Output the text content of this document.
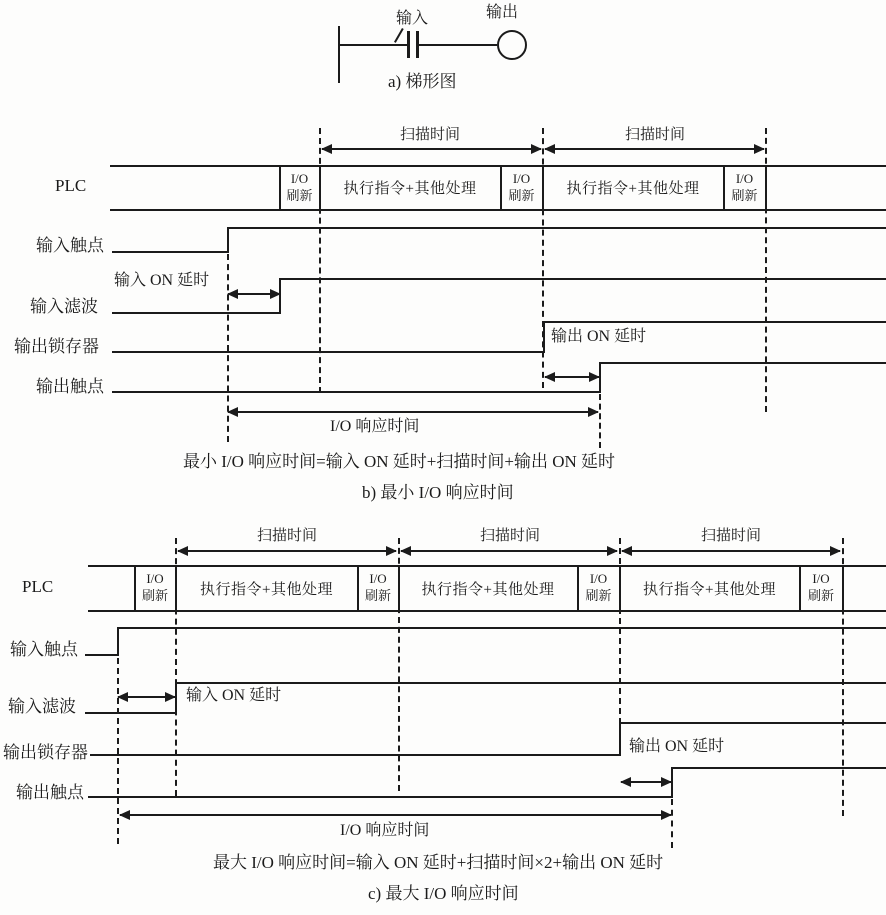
输入	输出
a) 梯形图
扫描时间	扫描时间
PLC	I/O
刷新	执行指令+其他处理
I/O
刷新	执行指令+其他处理
I/O
刷新
输入触点
输入 ON 延时
输入滤波
输出锁存器
输出 ON 延时
输出触点
I/O 响应时间
最小 I/O 响应时间=输入 ON 延时+扫描时间+输出 ON 延时
b) 最小 I/O 响应时间
扫描时间	扫描时间	扫描时间
PLC	I/O
刷新	执行指令+其他处理
I/O
刷新	执行指令+其他处理
I/O
刷新	执行指令+其他处理
I/O
刷新
输入触点
输入 ON 延时
输入滤波
输出锁存器	输出 ON 延时
输出触点
I/O 响应时间
最大 I/O 响应时间=输入 ON 延时+扫描时间×2+输出 ON 延时
c) 最大 I/O 响应时间
